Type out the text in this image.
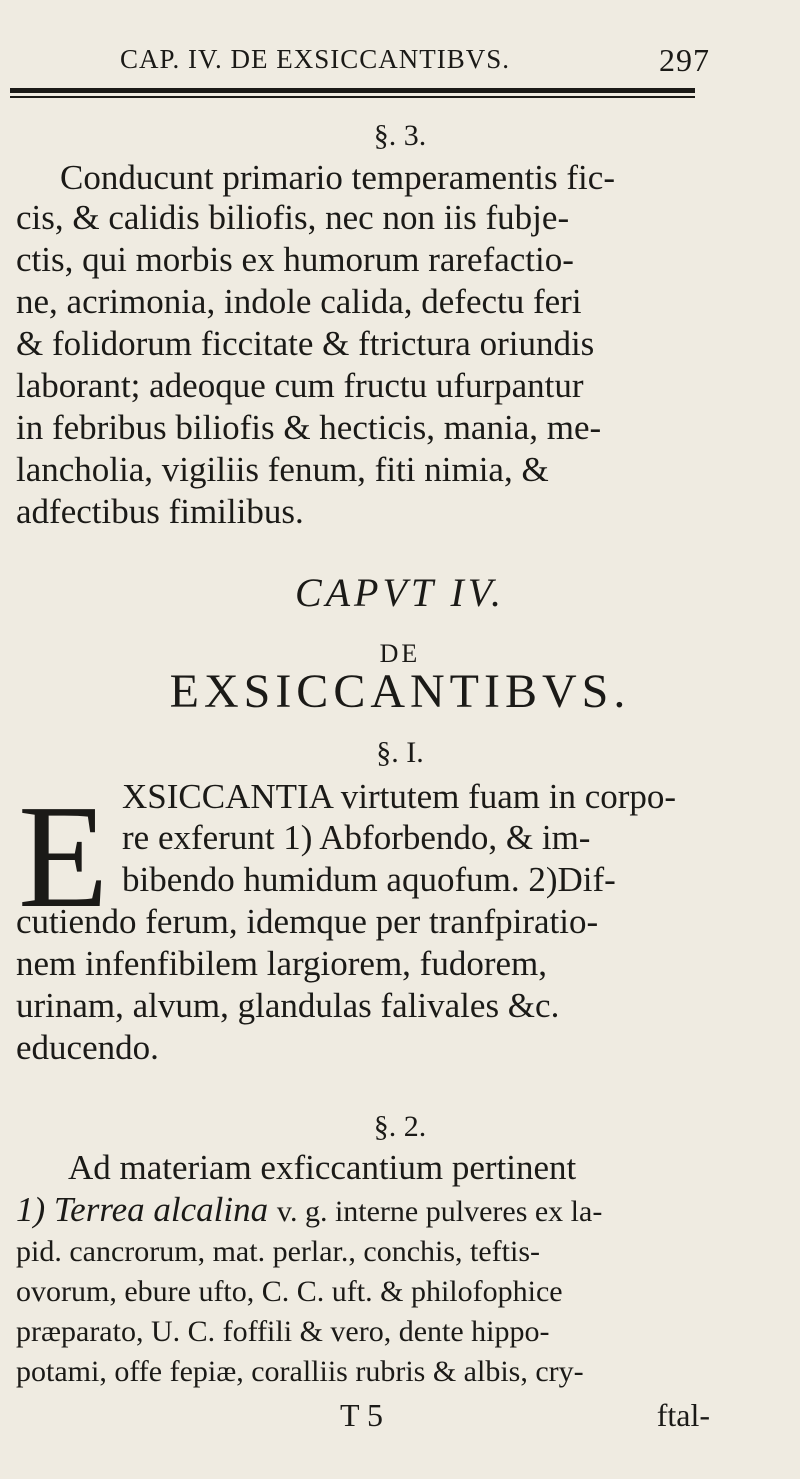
CAP. IV. DE EXSICCANTIBVS.	297
§. 3.
Conducunt primario temperamentis fic-
cis, & calidis biliofis, nec non iis fubje-
ctis, qui morbis ex humorum rarefactio-
ne, acrimonia, indole calida, defectu feri
& folidorum ficcitate & ftrictura oriundis
laborant; adeoque cum fructu ufurpantur
in febribus biliofis & hecticis, mania, me-
lancholia, vigiliis fenum, fiti nimia, &
adfectibus fimilibus.
CAPVT IV.
DE
EXSICCANTIBVS.
§. I.
E XSICCANTIA virtutem fuam in corpo-
re exferunt 1) Abforbendo, & im-
bibendo humidum aquofum. 2)Dif-
cutiendo ferum, idemque per tranfpiratio-
nem infenfibilem largiorem, fudorem,
urinam, alvum, glandulas falivales &c.
educendo.
§. 2.
Ad materiam exficcantium pertinent
1) Terrea alcalina v. g. interne pulveres ex la-
pid. cancrorum, mat. perlar., conchis, teftis-
ovorum, ebure ufto, C. C. uft. & philofophice
præparato, U. C. foffili & vero, dente hippo-
potami, offe fepiæ, coralliis rubris & albis, cry-
T 5	ftal-
